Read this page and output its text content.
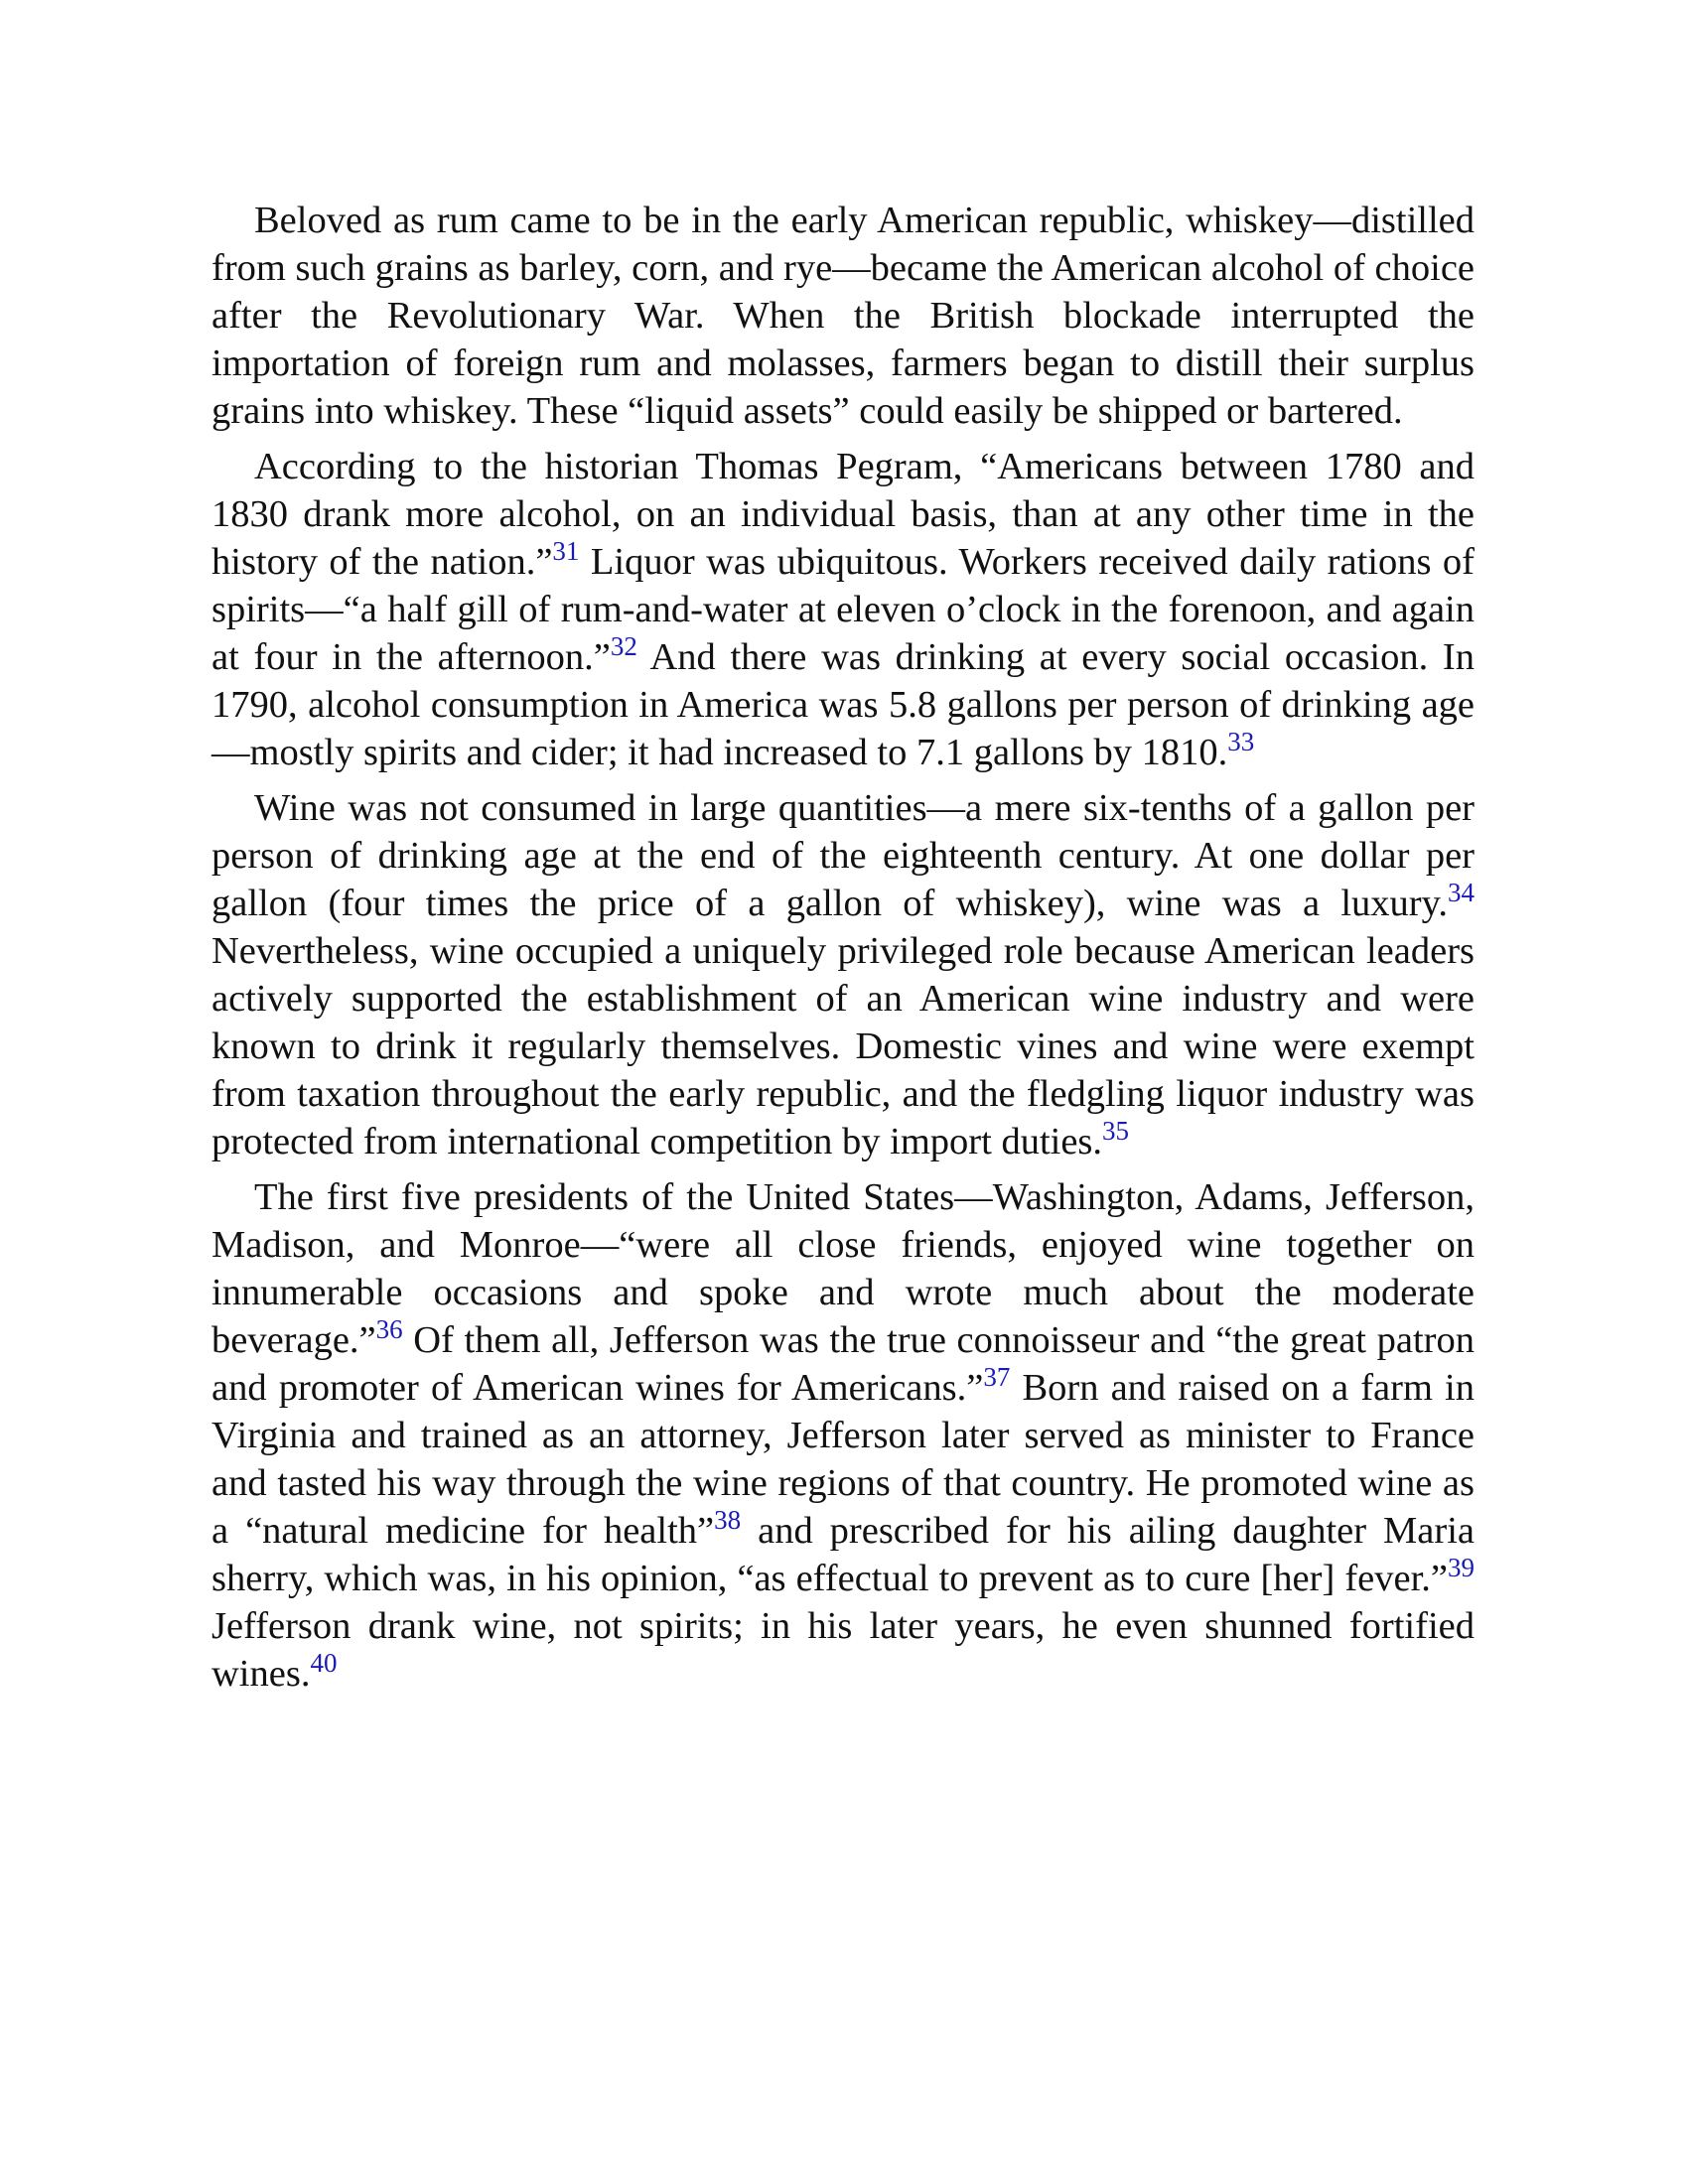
Beloved as rum came to be in the early American republic, whiskey—distilled from such grains as barley, corn, and rye—became the American alcohol of choice after the Revolutionary War. When the British blockade interrupted the importation of foreign rum and molasses, farmers began to distill their surplus grains into whiskey. These “liquid assets” could easily be shipped or bartered.

According to the historian Thomas Pegram, “Americans between 1780 and 1830 drank more alcohol, on an individual basis, than at any other time in the history of the nation.”$^{31}$ Liquor was ubiquitous. Workers received daily rations of spirits—“a half gill of rum-and-water at eleven o’clock in the forenoon, and again at four in the afternoon.”$^{32}$ And there was drinking at every social occasion. In 1790, alcohol consumption in America was 5.8 gallons per person of drinking age—mostly spirits and cider; it had increased to 7.1 gallons by 1810.33

Wine was not consumed in large quantities—a mere six-tenths of a gallon per person of drinking age at the end of the eighteenth century. At one dollar per gallon (four times the price of a gallon of whiskey), wine was a luxury.$^{34}$ Nevertheless, wine occupied a uniquely privileged role because American leaders actively supported the establishment of an American wine industry and were known to drink it regularly themselves. Domestic vines and wine were exempt from taxation throughout the early republic, and the fledgling liquor industry was protected from international competition by import duties.$^{35}$

The first five presidents of the United States—Washington, Adams, Jefferson, Madison, and Monroe—“were all close friends, enjoyed wine together on innumerable occasions and spoke and wrote much about the moderate beverage.”$^{36}$ Of them all, Jefferson was the true connoisseur and “the great patron and promoter of American wines for Americans.”$^{37}$ Born and raised on a farm in Virginia and trained as an attorney, Jefferson later served as minister to France and tasted his way through the wine regions of that country. He promoted wine as a “natural medicine for health”$^{38}$ and prescribed for his ailing daughter Maria sherry, which was, in his opinion, “as effectual to prevent as to cure [her] fever.”$^{39}$ Jefferson drank wine, not spirits; in his later years, he even shunned fortified wines.$^{40}$
